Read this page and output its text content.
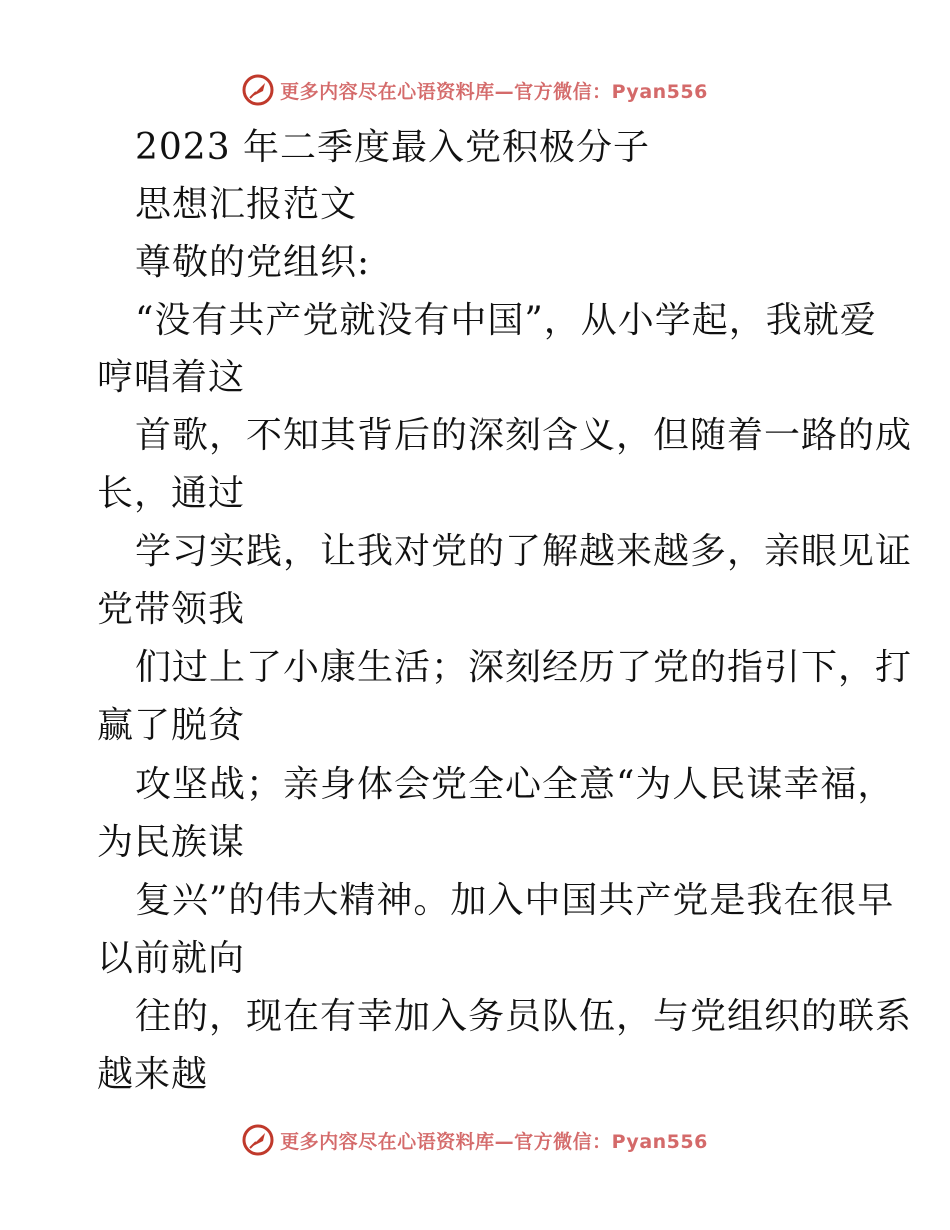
更多内容尽在心语资料库—官方微信：Pyan556
2023 年二季度最入党积极分子
思想汇报范文
尊敬的党组织:
“没有共产党就没有中国”，从小学起，我就爱
哼唱着这
首歌，不知其背后的深刻含义，但随着一路的成
长，通过
学习实践，让我对党的了解越来越多，亲眼见证
党带领我
们过上了小康生活；深刻经历了党的指引下，打
赢了脱贫
攻坚战；亲身体会党全心全意“为人民谋幸福，
为民族谋
复兴”的伟大精神。加入中国共产党是我在很早
以前就向
往的，现在有幸加入务员队伍，与党组织的联系
越来越
更多内容尽在心语资料库—官方微信：Pyan556
